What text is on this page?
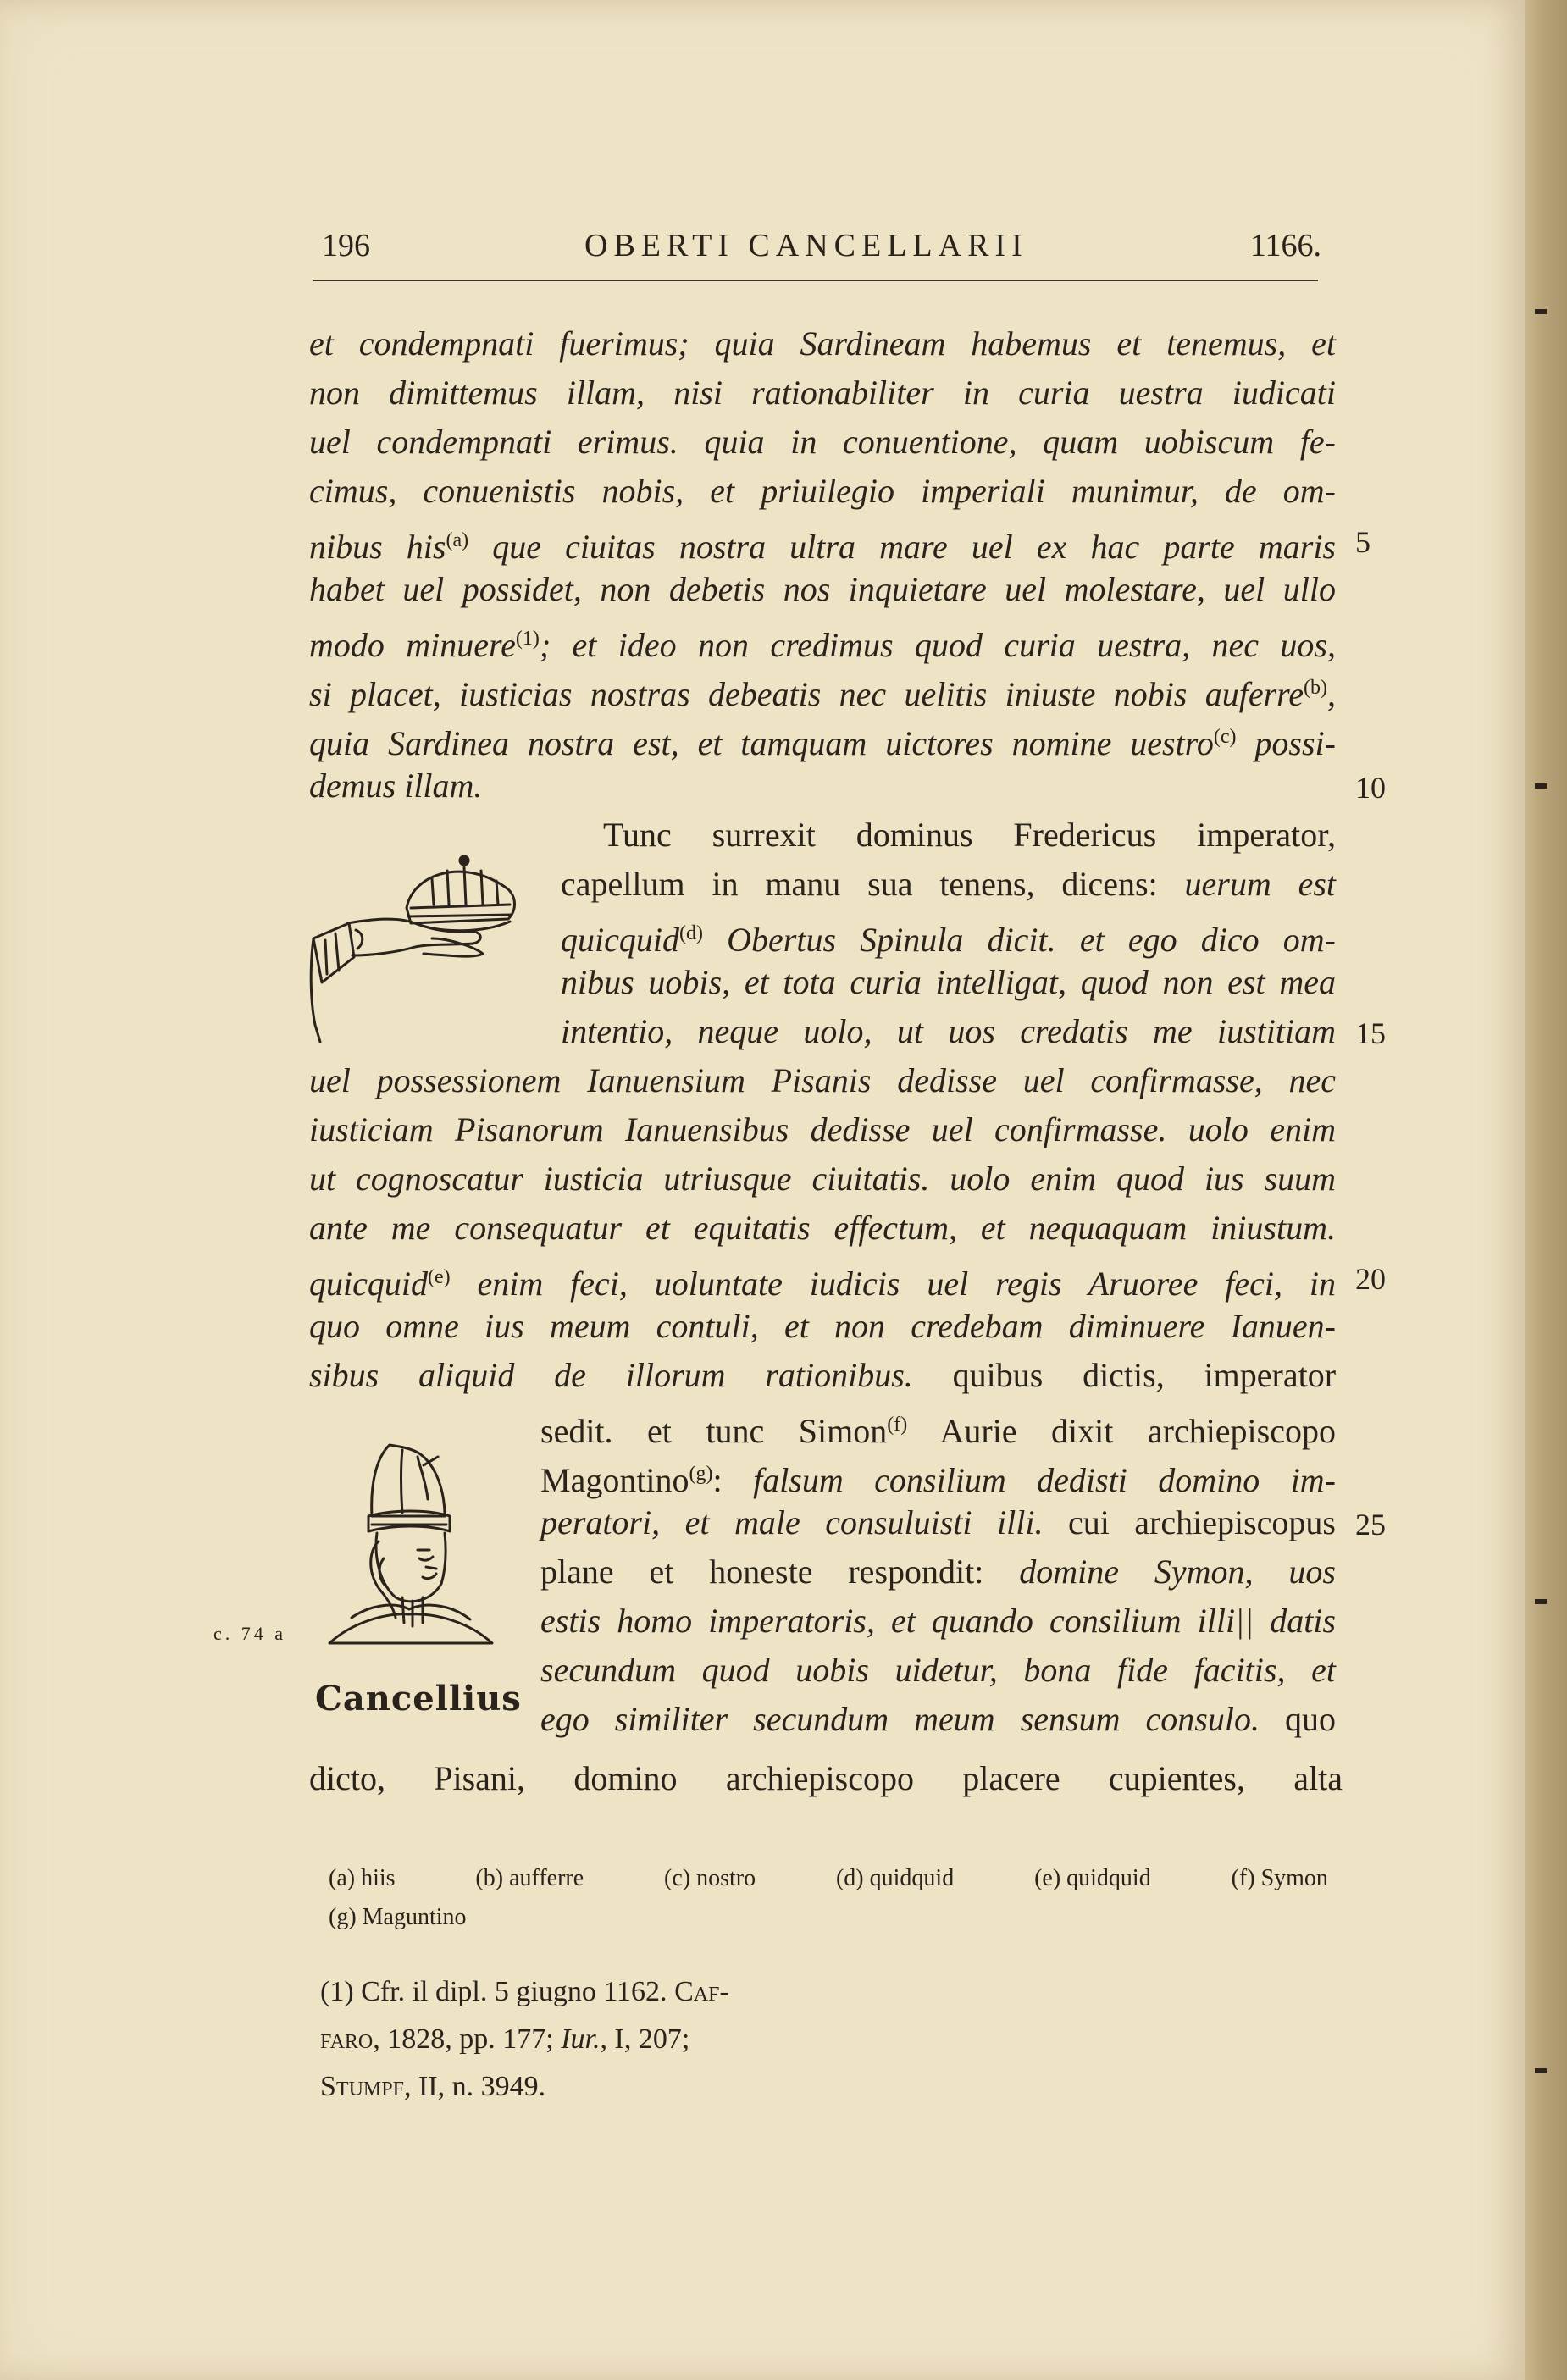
196	OBERTI CANCELLARII	1166.
et condempnati fuerimus; quia Sardineam habemus et tenemus, et
non dimittemus illam, nisi rationabiliter in curia uestra iudicati
uel condempnati erimus. quia in conuentione, quam uobiscum fe-
cimus, conuenistis nobis, et priuilegio imperiali munimur, de om-
nibus his$^{(a)}$ que ciuitas nostra ultra mare uel ex hac parte maris
habet uel possidet, non debetis nos inquietare uel molestare, uel ullo
modo minuere$^{(1)}$; et ideo non credimus quod curia uestra, nec uos,
si placet, iusticias nostras debeatis nec uelitis iniuste nobis auferre$^{(b)}$,
quia Sardinea nostra est, et tamquam uictores nomine uestro$^{(c)}$ possi-
demus illam.
Tunc surrexit dominus Fredericus imperator,
capellum in manu sua tenens, dicens: uerum est
quicquid$^{(d)}$ Obertus Spinula dicit. et ego dico om-
nibus uobis, et tota curia intelligat, quod non est mea
intentio, neque uolo, ut uos credatis me iustitiam
uel possessionem Ianuensium Pisanis dedisse uel confirmasse, nec
iusticiam Pisanorum Ianuensibus dedisse uel confirmasse. uolo enim
ut cognoscatur iusticia utriusque ciuitatis. uolo enim quod ius suum
ante me consequatur et equitatis effectum, et nequaquam iniustum.
quicquid$^{(e)}$ enim feci, uoluntate iudicis uel regis Aruoree feci, in
quo omne ius meum contuli, et non credebam diminuere Ianuen-
sibus aliquid de illorum rationibus. quibus dictis, imperator
sedit. et tunc Simon$^{(f)}$ Aurie dixit archiepiscopo
Magontino$^{(g)}$: falsum consilium dedisti domino im-
peratori, et male consuluisti illi. cui archiepiscopus
plane et honeste respondit: domine Symon, uos
estis homo imperatoris, et quando consilium illi|| datis
secundum quod uobis uidetur, bona fide facitis, et
ego similiter secundum meum sensum consulo. quo
dicto, Pisani, domino archiepiscopo placere cupientes, alta
5
10
15
20
25
c. 74 a
Cancellius
(a) hiis	(b) aufferre	(c) nostro	(d) quidquid	(e) quidquid	(f) Symon
(g) Maguntino
(1) Cfr. il dipl. 5 giugno 1162. Caf-
faro, 1828, pp. 177; Iur., I, 207;
Stumpf, II, n. 3949.
